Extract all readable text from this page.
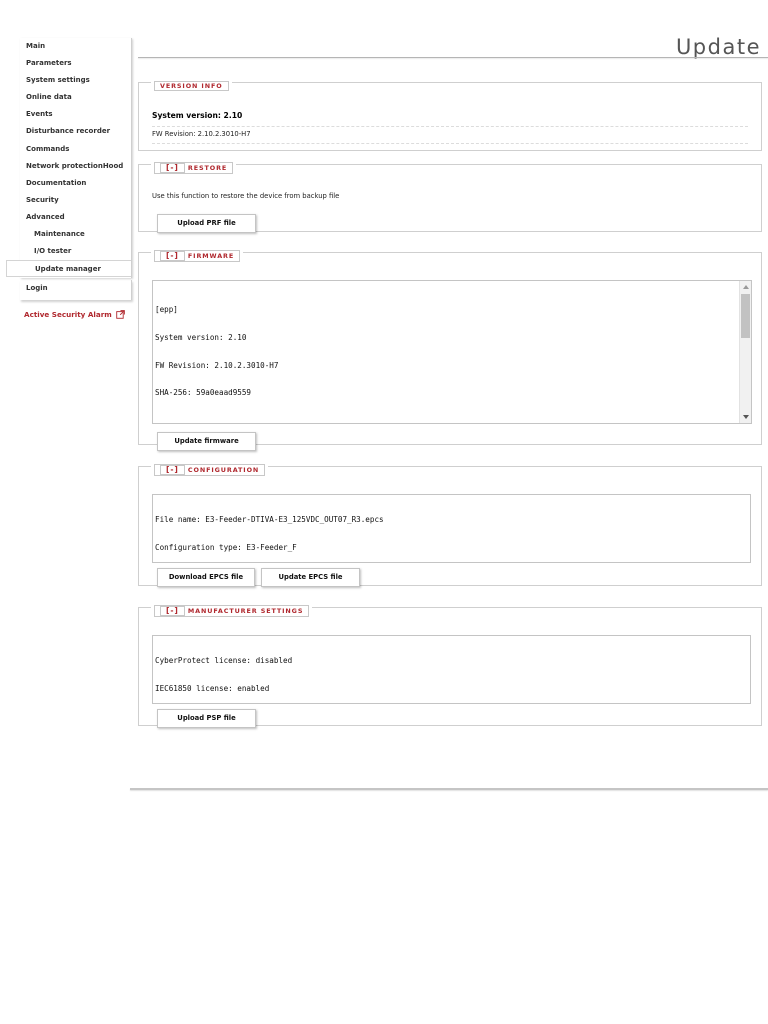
Main
Parameters
System settings
Online data
Events
Disturbance recorder
Commands
Network protectionHood
Documentation
Security
Advanced
Maintenance
I/O tester
Update manager
Login
Active Security Alarm
Update
VERSION INFO
System version: 2.10
FW Revision: 2.10.2.3010-H7
[-] RESTORE
Use this function to restore the device from backup file
Upload PRF file
[-] FIRMWARE

[epp]

System version: 2.10

FW Revision: 2.10.2.3010-H7

SHA-256: 59a0eaad9559

Update firmware
[-] CONFIGURATION

File name: E3-Feeder-DTIVA-E3_125VDC_OUT07_R3.epcs

Configuration type: E3-Feeder_F

Download EPCS file	Update EPCS file
[-] MANUFACTURER SETTINGS

CyberProtect license: disabled

IEC61850 license: enabled

Upload PSP file
